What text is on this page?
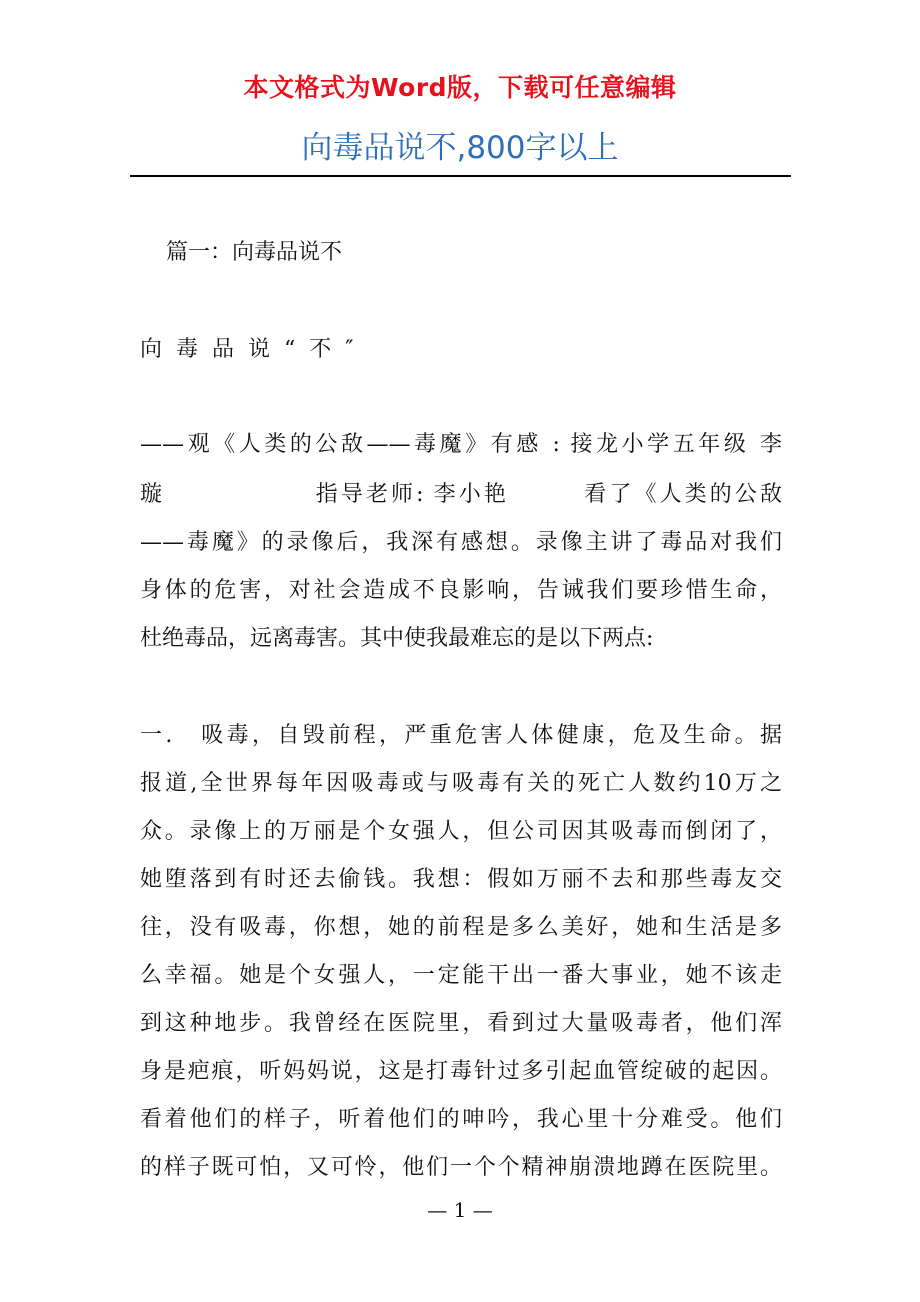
本文格式为Word版，下载可任意编辑
向毒品说不,800字以上
篇一：向毒品说不
向毒品说“不″
——观《人类的公敌——毒魔》有感 : 接龙小学五年级 李
璇　　　　　　指导老师: 李小艳　　　看了《人类的公敌
——毒魔》的录像后，我深有感想。录像主讲了毒品对我们
身体的危害，对社会造成不良影响，告诫我们要珍惜生命，
杜绝毒品，远离毒害。其中使我最难忘的是以下两点:
一.　吸毒，自毁前程，严重危害人体健康，危及生命。据
报道,全世界每年因吸毒或与吸毒有关的死亡人数约10万之
众。录像上的万丽是个女强人，但公司因其吸毒而倒闭了，
她堕落到有时还去偷钱。我想：假如万丽不去和那些毒友交
往，没有吸毒，你想，她的前程是多么美好，她和生活是多
么幸福。她是个女强人，一定能干出一番大事业，她不该走
到这种地步。我曾经在医院里，看到过大量吸毒者，他们浑
身是疤痕，听妈妈说，这是打毒针过多引起血管绽破的起因。
看着他们的样子，听着他们的呻吟，我心里十分难受。他们
的样子既可怕，又可怜，他们一个个精神崩溃地蹲在医院里。
— 1 —
